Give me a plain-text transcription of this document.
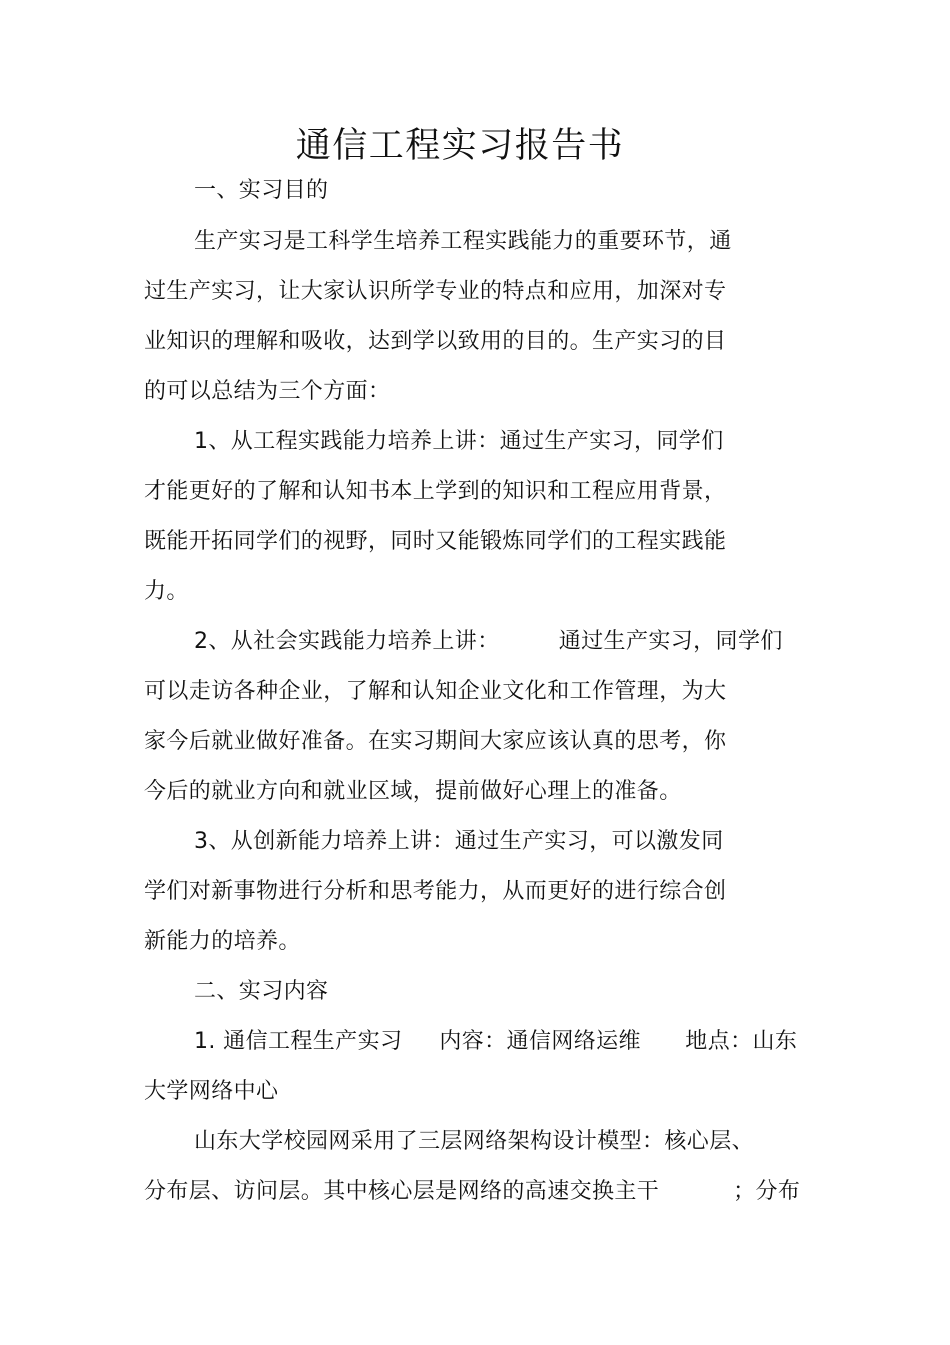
通信工程实习报告书
一、实习目的
生产实习是工科学生培养工程实践能力的重要环节，通
过生产实习，让大家认识所学专业的特点和应用，加深对专
业知识的理解和吸收，达到学以致用的目的。生产实习的目
的可以总结为三个方面：
1、从工程实践能力培养上讲：通过生产实习，同学们
才能更好的了解和认知书本上学到的知识和工程应用背景，
既能开拓同学们的视野，同时又能锻炼同学们的工程实践能
力。
2、从社会实践能力培养上讲：        通过生产实习，同学们
可以走访各种企业，了解和认知企业文化和工作管理，为大
家今后就业做好准备。在实习期间大家应该认真的思考，你
今后的就业方向和就业区域，提前做好心理上的准备。
3、从创新能力培养上讲：通过生产实习，可以激发同
学们对新事物进行分析和思考能力，从而更好的进行综合创
新能力的培养。
二、实习内容
1. 通信工程生产实习     内容：通信网络运维      地点：山东
大学网络中心
山东大学校园网采用了三层网络架构设计模型：核心层、
分布层、访问层。其中核心层是网络的高速交换主干          ；分布
